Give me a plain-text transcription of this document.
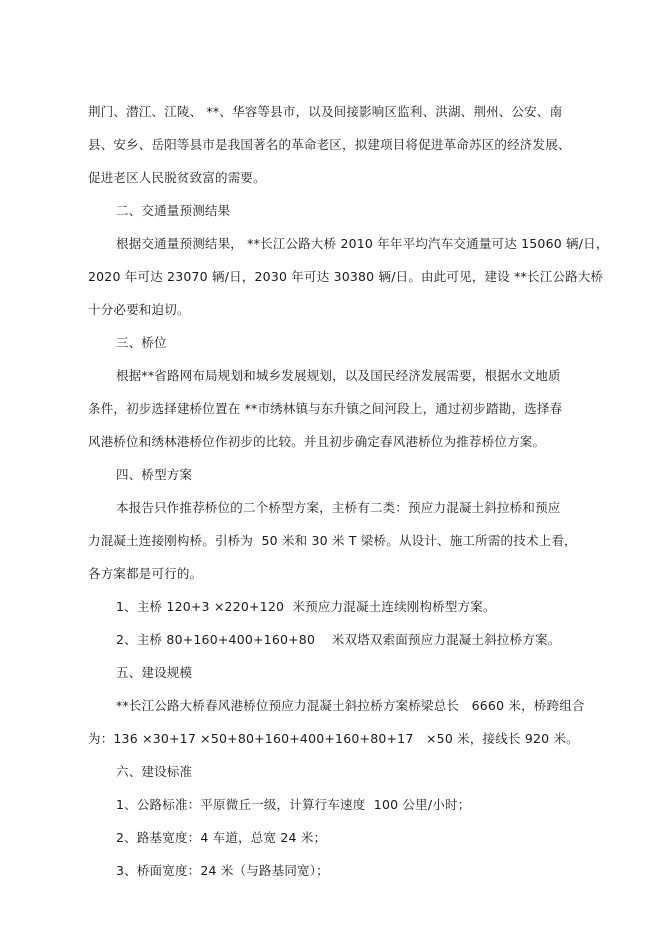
荆门、潜江、江陵、 **、华容等县市，以及间接影响区监利、洪湖、荆州、公安、南
县、安乡、岳阳等县市是我国著名的革命老区，拟建项目将促进革命苏区的经济发展、
促进老区人民脱贫致富的需要。
二、交通量预测结果
根据交通量预测结果， **长江公路大桥 2010 年年平均汽车交通量可达 15060 辆/日，
2020 年可达 23070 辆/日，2030 年可达 30380 辆/日。由此可见，建设 **长江公路大桥
十分必要和迫切。
三、桥位
根据**省路网布局规划和城乡发展规划，以及国民经济发展需要，根据水文地质
条件，初步选择建桥位置在 **市绣林镇与东升镇之间河段上，通过初步踏勘，选择春
风港桥位和绣林港桥位作初步的比较。并且初步确定春风港桥位为推荐桥位方案。
四、桥型方案
本报告只作推荐桥位的二个桥型方案，主桥有二类：预应力混凝土斜拉桥和预应
力混凝土连接刚构桥。引桥为  50 米和 30 米 T 梁桥。从设计、施工所需的技术上看，
各方案都是可行的。
1、主桥 120+3 ×220+120  米预应力混凝土连续刚构桥型方案。
2、主桥 80+160+400+160+80    米双塔双索面预应力混凝土斜拉桥方案。
五、建设规模
**长江公路大桥春风港桥位预应力混凝土斜拉桥方案桥梁总长   6660 米，桥跨组合
为：136 ×30+17 ×50+80+160+400+160+80+17   ×50 米，接线长 920 米。
六、建设标准
1、公路标准：平原微丘一级，计算行车速度  100 公里/小时；
2、路基宽度：4 车道，总宽 24 米；
3、桥面宽度：24 米（与路基同宽）；
